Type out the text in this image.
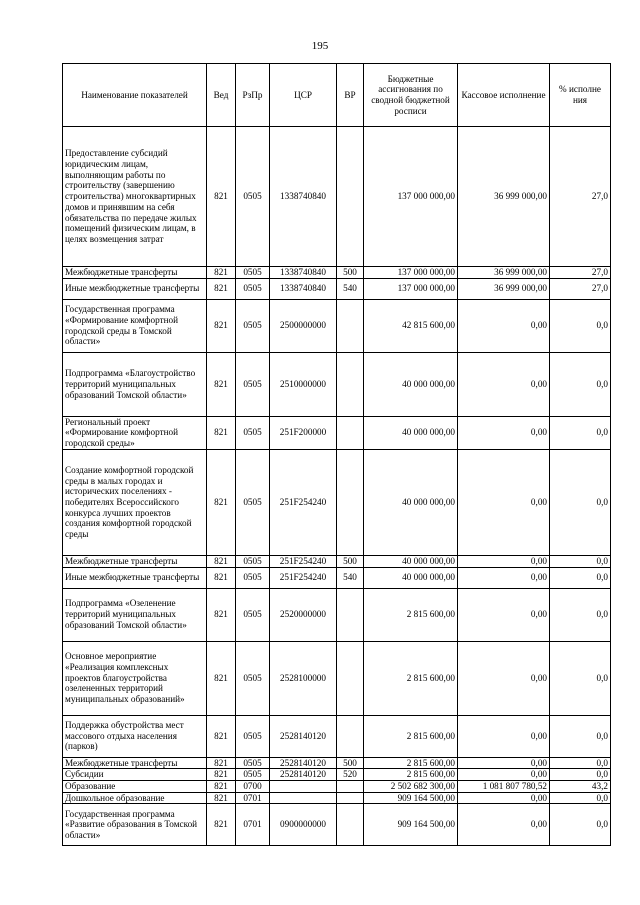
195
Наименование показателей	Вед	РзПр	ЦСР	ВР	Бюджетные ассигнования по сводной бюджетной росписи	Кассовое исполнение	% исполне ния
Предоставление субсидий юридическим лицам, выполняющим работы по строительству (завершению строительства) многоквартирных домов и принявшим на себя обязательства по передаче жилых помещений физическим лицам, в целях возмещения затрат	821	0505	1338740840		137 000 000,00	36 999 000,00	27,0
Межбюджетные трансферты	821	0505	1338740840	500	137 000 000,00	36 999 000,00	27,0
Иные межбюджетные трансферты	821	0505	1338740840	540	137 000 000,00	36 999 000,00	27,0
Государственная программа «Формирование комфортной городской среды в Томской области»	821	0505	2500000000		42 815 600,00	0,00	0,0
Подпрограмма «Благоустройство территорий муниципальных образований Томской области»	821	0505	2510000000		40 000 000,00	0,00	0,0
Региональный проект «Формирование комфортной городской среды»	821	0505	251F200000		40 000 000,00	0,00	0,0
Создание комфортной городской среды в малых городах и исторических поселениях - победителях Всероссийского конкурса лучших проектов создания комфортной городской среды	821	0505	251F254240		40 000 000,00	0,00	0,0
Межбюджетные трансферты	821	0505	251F254240	500	40 000 000,00	0,00	0,0
Иные межбюджетные трансферты	821	0505	251F254240	540	40 000 000,00	0,00	0,0
Подпрограмма «Озеленение территорий муниципальных образований Томской области»	821	0505	2520000000		2 815 600,00	0,00	0,0
Основное мероприятие «Реализация комплексных проектов благоустройства озелененных территорий муниципальных образований»	821	0505	2528100000		2 815 600,00	0,00	0,0
Поддержка обустройства мест массового отдыха населения (парков)	821	0505	2528140120		2 815 600,00	0,00	0,0
Межбюджетные трансферты	821	0505	2528140120	500	2 815 600,00	0,00	0,0
Субсидии	821	0505	2528140120	520	2 815 600,00	0,00	0,0
Образование	821	0700			2 502 682 300,00	1 081 807 780,52	43,2
Дошкольное образование	821	0701			909 164 500,00	0,00	0,0
Государственная программа «Развитие образования в Томской области»	821	0701	0900000000		909 164 500,00	0,00	0,0
